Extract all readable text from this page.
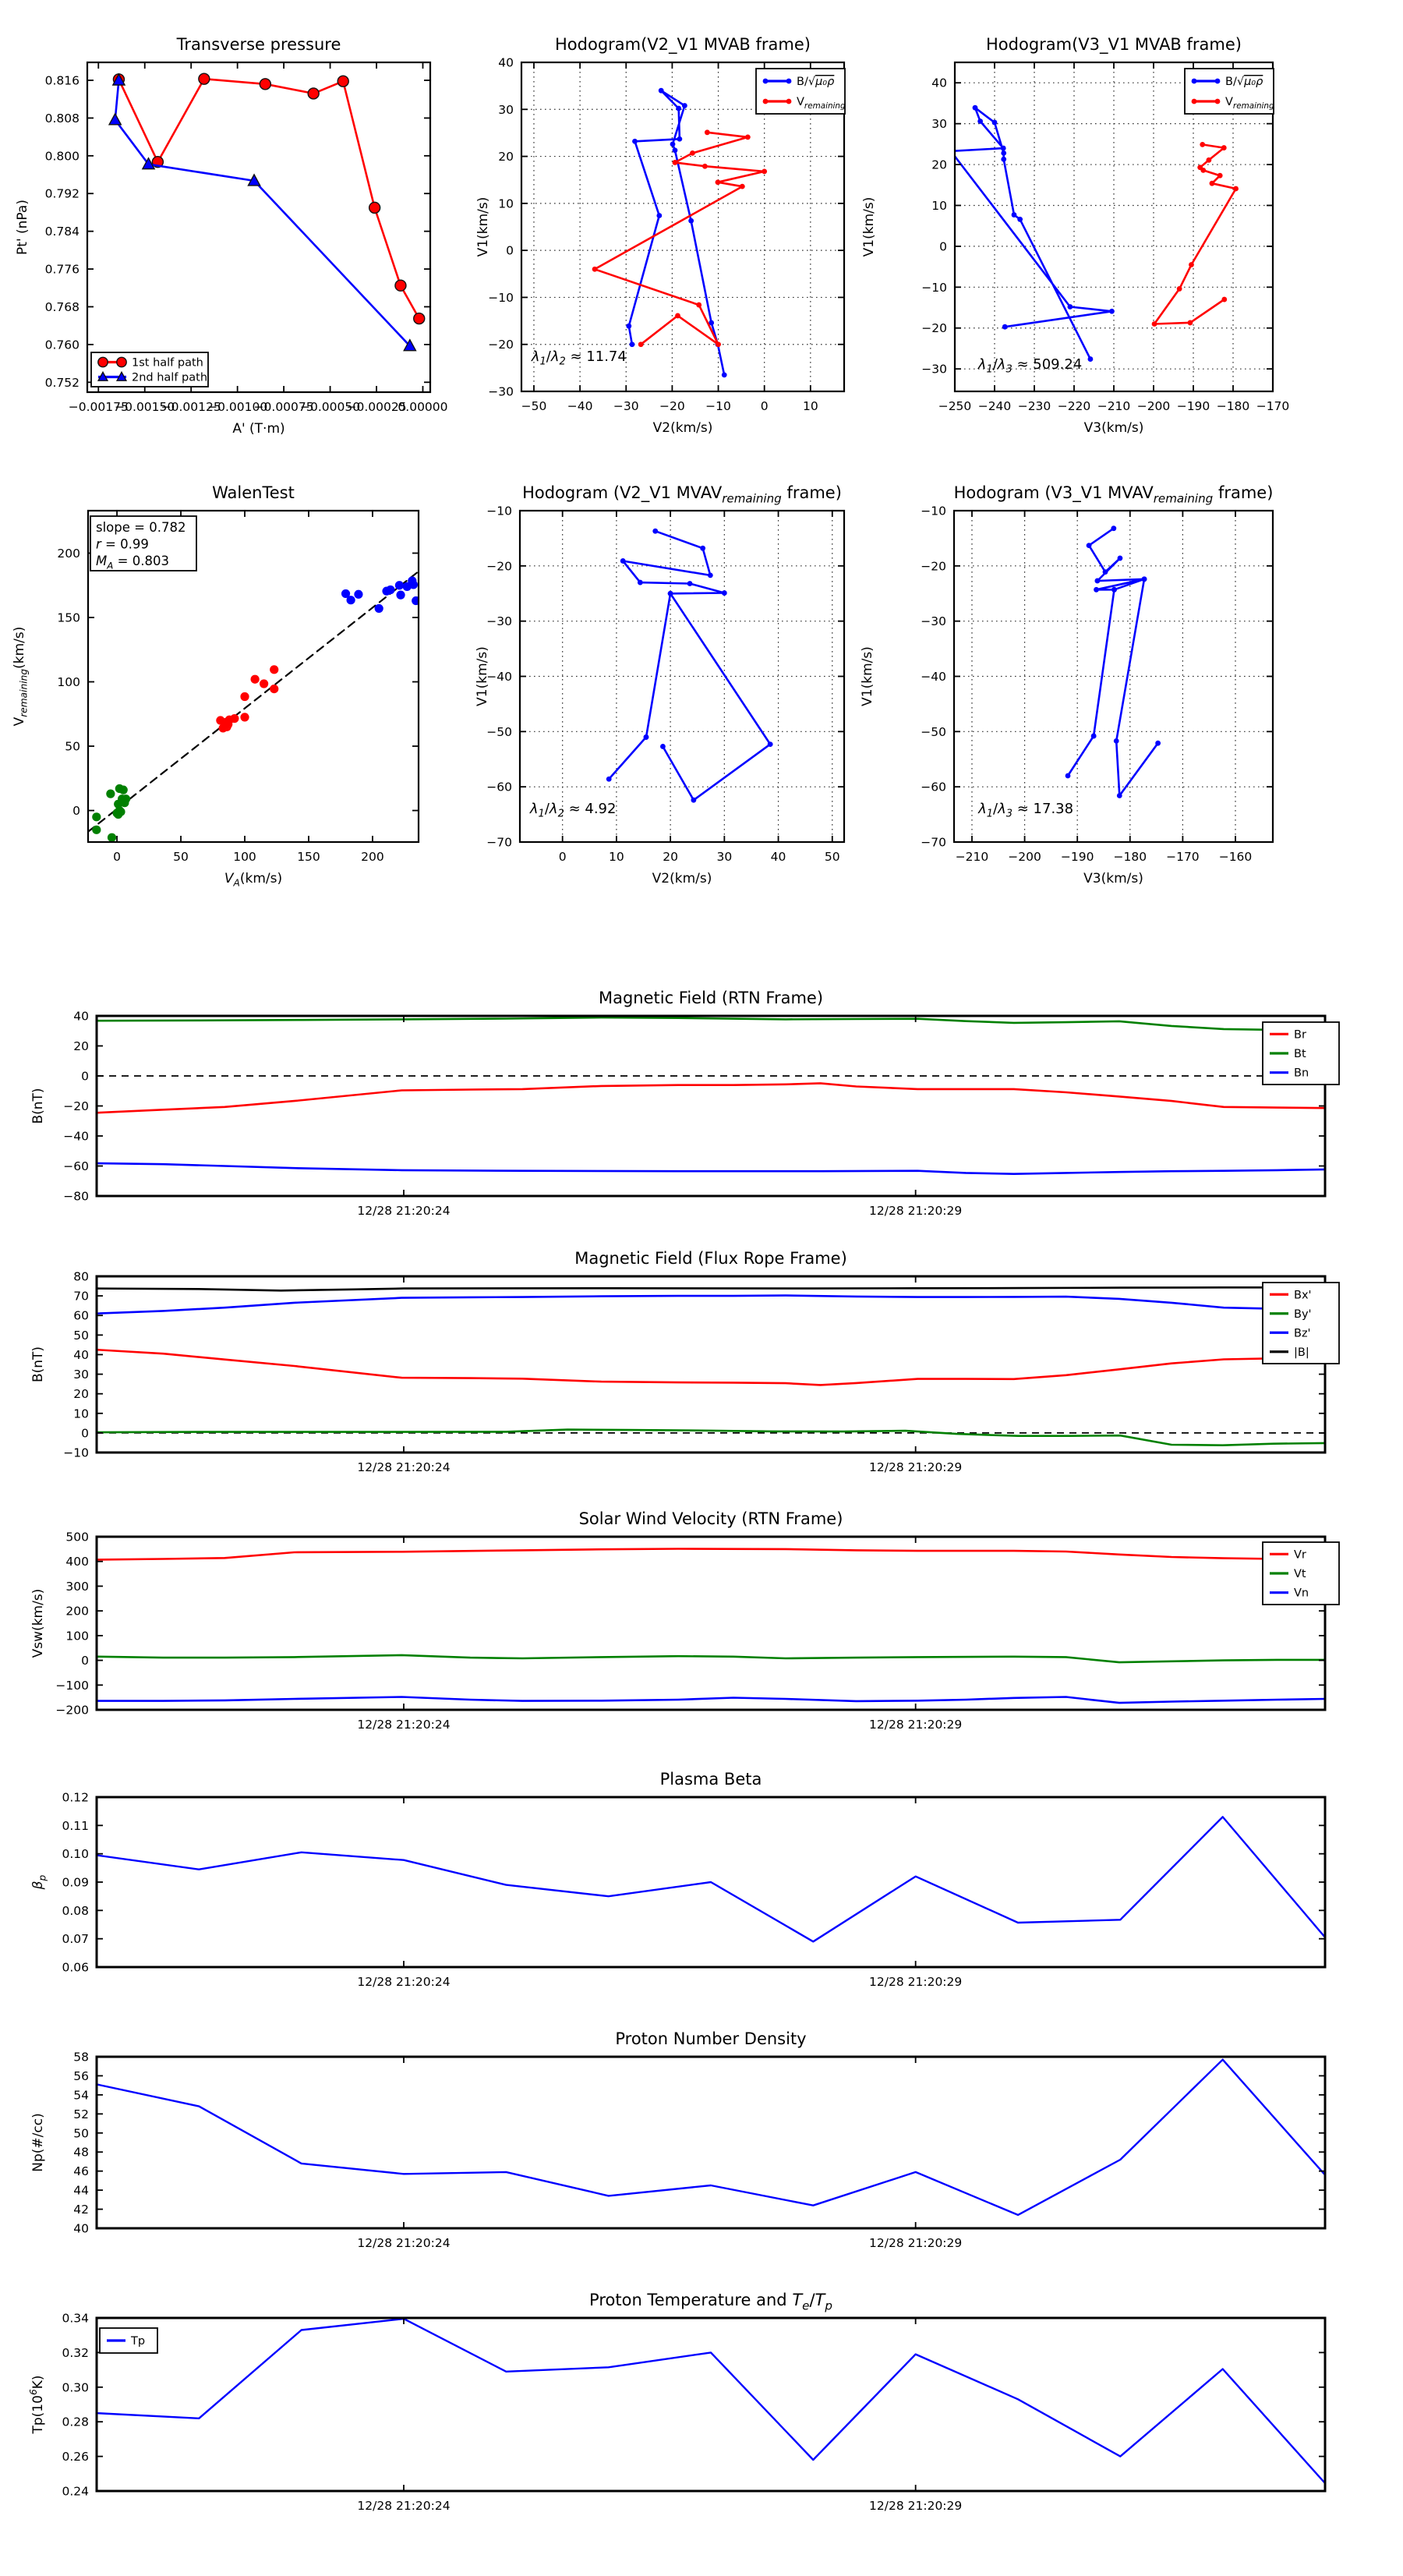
−0.00175
−0.00150
−0.00125
−0.00100
−0.00075
−0.00050
−0.00025
0.00000
0.752
0.760
0.768
0.776
0.784
0.792
0.800
0.808
0.816
Transverse pressure
A' (T·m)
Pt' (nPa)
1st half path
2nd half path
−50 −40 −30 −20 −10 0	10
−30
−20
−10
0
10
20
30
40
Hodogram(V2_V1 MVAB frame)
V2(km/s)
V1(km/s)
$\lambda_1/\lambda_2 \approx 11.74$
B/√μ₀ρ
$V_{remaining}$
−250 −240 −230 −220 −210 −200 −190 −180 −170
−30
−20
−10
0
10
20
30
40
Hodogram(V3_V1 MVAB frame)
V3(km/s)
V1(km/s)
$\lambda_1/\lambda_3 \approx 509.24$
B/√μ₀ρ
$V_{remaining}$
0	50	100	150	200
0
50
100
150
200
WalenTest
$V_A(km/s)$
$V_{remaining}(km/s)$
slope = 0.782
r = 0.99
$M_A = 0.803$
0	10	20	30	40	50
−70
−60
−50
−40
−30
−20
−10
Hodogram (V2_V1 $MVAV_{remaining}$ frame)
V2(km/s)
V1(km/s)
$\lambda_1/\lambda_2 \approx 4.92$
−210 −200 −190 −180 −170 −160
−70
−60
−50
−40
−30
−20
−10
Hodogram (V3_V1 $MVAV_{remaining}$ frame)
V3(km/s)
V1(km/s)
$\lambda_1/\lambda_3 \approx 17.38$
12/28 21:20:24	12/28 21:20:29
−80
−60
−40
−20
0
20
40
Magnetic Field (RTN Frame)
B(nT)
Br
Bt
Bn
12/28 21:20:24	12/28 21:20:29
−10
0
10
20
30
40
50
60
70
80
Magnetic Field (Flux Rope Frame)
B(nT)
Bx'
By'
Bz'
|B|
12/28 21:20:24	12/28 21:20:29
−200
−100
0
100
200
300
400
500
Solar Wind Velocity (RTN Frame)
Vsw(km/s)
Vr
Vt
Vn
12/28 21:20:24	12/28 21:20:29
0.06
0.07
0.08
0.09
0.10
0.11
0.12
Plasma Beta
$\beta_p$
12/28 21:20:24	12/28 21:20:29
40
42
44
46
48
50
52
54
56
58
Proton Number Density
Np(#/cc)
12/28 21:20:24	12/28 21:20:29
0.24
0.26
0.28
0.30
0.32
0.34
Proton Temperature and $T_e/T_p$
$Tp(10^6K)$
Tp
